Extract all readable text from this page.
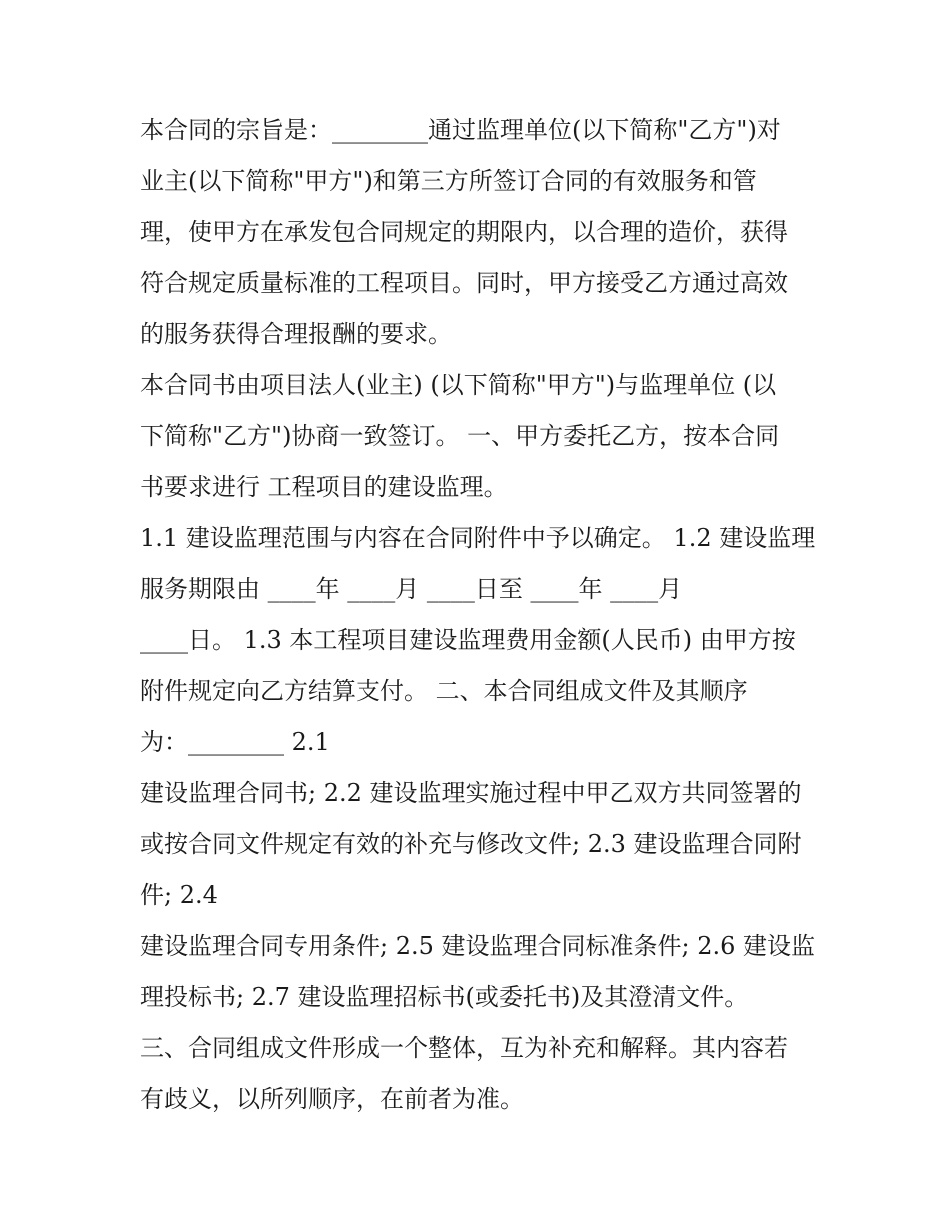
本合同的宗旨是：________通过监理单位(以下简称"乙方")对
业主(以下简称"甲方")和第三方所签订合同的有效服务和管
理，使甲方在承发包合同规定的期限内，以合理的造价，获得
符合规定质量标准的工程项目。同时，甲方接受乙方通过高效
的服务获得合理报酬的要求。
本合同书由项目法人(业主) (以下简称"甲方")与监理单位 (以
下简称"乙方")协商一致签订。 一、甲方委托乙方，按本合同
书要求进行 工程项目的建设监理。
1.1 建设监理范围与内容在合同附件中予以确定。 1.2 建设监理
服务期限由 ____年 ____月 ____日至 ____年 ____月
____日。 1.3 本工程项目建设监理费用金额(人民币) 由甲方按
附件规定向乙方结算支付。 二、本合同组成文件及其顺序
为：________ 2.1
建设监理合同书; 2.2 建设监理实施过程中甲乙双方共同签署的
或按合同文件规定有效的补充与修改文件; 2.3 建设监理合同附
件; 2.4
建设监理合同专用条件; 2.5 建设监理合同标准条件; 2.6 建设监
理投标书; 2.7 建设监理招标书(或委托书)及其澄清文件。
三、合同组成文件形成一个整体，互为补充和解释。其内容若
有歧义，以所列顺序，在前者为准。
